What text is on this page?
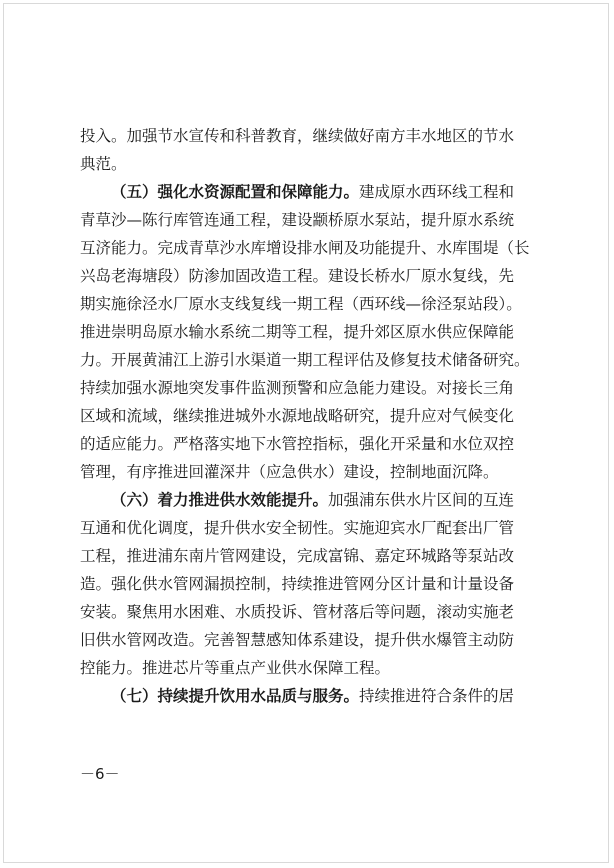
投入。加强节水宣传和科普教育，继续做好南方丰水地区的节水
典范。
（五）强化水资源配置和保障能力。建成原水西环线工程和
青草沙—陈行库管连通工程，建设颛桥原水泵站，提升原水系统
互济能力。完成青草沙水库增设排水闸及功能提升、水库围堤（长
兴岛老海塘段）防渗加固改造工程。建设长桥水厂原水复线，先
期实施徐泾水厂原水支线复线一期工程（西环线—徐泾泵站段）。
推进崇明岛原水输水系统二期等工程，提升郊区原水供应保障能
力。开展黄浦江上游引水渠道一期工程评估及修复技术储备研究。
持续加强水源地突发事件监测预警和应急能力建设。对接长三角
区域和流域，继续推进城外水源地战略研究，提升应对气候变化
的适应能力。严格落实地下水管控指标，强化开采量和水位双控
管理，有序推进回灌深井（应急供水）建设，控制地面沉降。
（六）着力推进供水效能提升。加强浦东供水片区间的互连
互通和优化调度，提升供水安全韧性。实施迎宾水厂配套出厂管
工程，推进浦东南片管网建设，完成富锦、嘉定环城路等泵站改
造。强化供水管网漏损控制，持续推进管网分区计量和计量设备
安装。聚焦用水困难、水质投诉、管材落后等问题，滚动实施老
旧供水管网改造。完善智慧感知体系建设，提升供水爆管主动防
控能力。推进芯片等重点产业供水保障工程。
（七）持续提升饮用水品质与服务。持续推进符合条件的居
－6－
